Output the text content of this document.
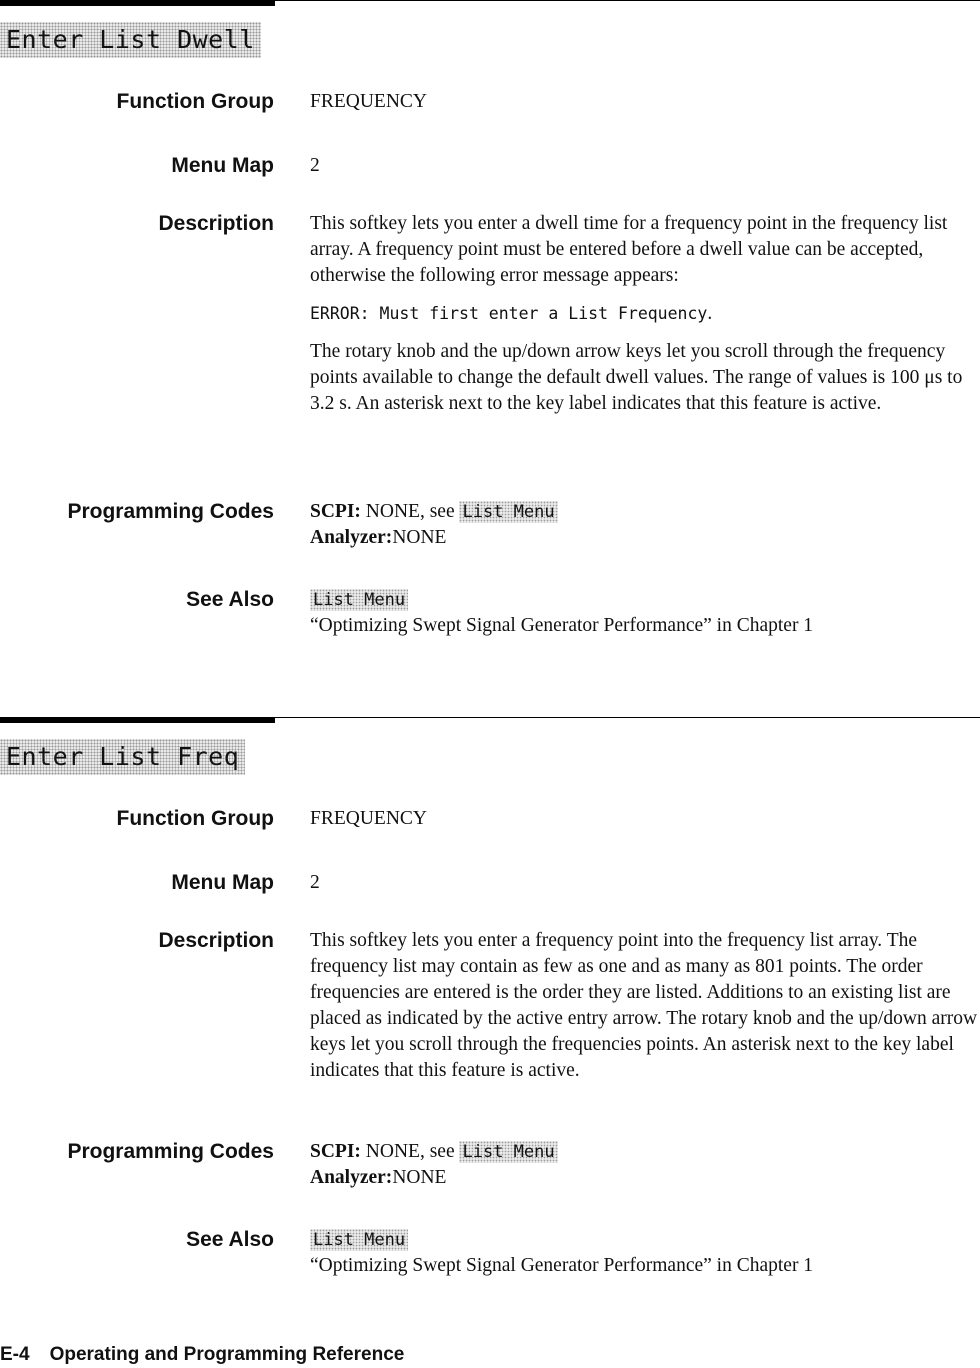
Enter List Dwell
Function Group FREQUENCY
Menu Map 2
Description This softkey lets you enter a dwell time for a frequency point in the frequency list array. A frequency point must be entered before a dwell value can be accepted, otherwise the following error message appears:

ERROR: Must first enter a List Frequency.

The rotary knob and the up/down arrow keys let you scroll through the frequency points available to change the default dwell values. The range of values is 100 μs to 3.2 s. An asterisk next to the key label indicates that this feature is active.

Programming Codes SCPI: NONE, see List Menu
Analyzer:NONE
See Also List Menu
“Optimizing Swept Signal Generator Performance” in Chapter 1
Enter List Freq
Function Group FREQUENCY
Menu Map 2
Description This softkey lets you enter a frequency point into the frequency list array. The frequency list may contain as few as one and as many as 801 points. The order frequencies are entered is the order they are listed. Additions to an existing list are placed as indicated by the active entry arrow. The rotary knob and the up/down arrow keys let you scroll through the frequencies points. An asterisk next to the key label indicates that this feature is active.

Programming Codes SCPI: NONE, see List Menu
Analyzer:NONE
See Also List Menu
“Optimizing Swept Signal Generator Performance” in Chapter 1
E-4 Operating and Programming Reference
